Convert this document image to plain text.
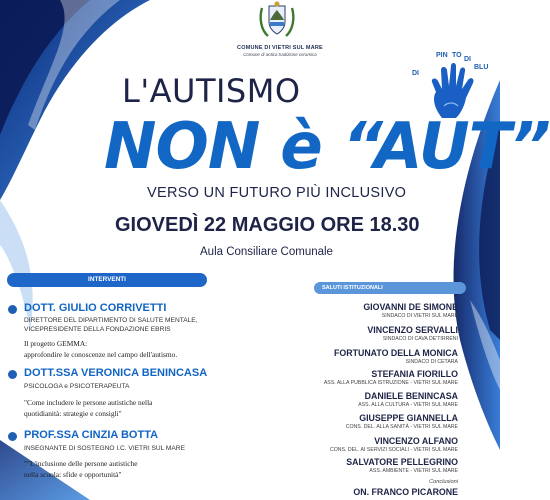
COMUNE DI VIETRI SUL MARE
Comune di antica tradizione ceramica	PIN TO
DI
BLU
DI
L'AUTISMO
NON è “AUT”
VERSO UN FUTURO PIÙ INCLUSIVO
GIOVEDÌ 22 MAGGIO ORE 18.30
Aula Consiliare Comunale
INTERVENTI
DOTT. GIULIO CORRIVETTI
DIRETTORE DEL DIPARTIMENTO DI SALUTE MENTALE,
VICEPRESIDENTE DELLA FONDAZIONE EBRIS
Il progetto GEMMA:
approfondire le conoscenze nel campo dell'autismo.
DOTT.SSA VERONICA BENINCASA
PSICOLOGA e PSICOTERAPEUTA
"Come includere le persone autistiche nella
quotidianità: strategie e consigli"
PROF.SSA CINZIA BOTTA
INSEGNANTE DI SOSTEGNO I.C. VIETRI SUL MARE
""L'inclusione delle persone autistiche
nella scuola: sfide e opportunità"
SALUTI ISTITUZIONALI
GIOVANNI DE SIMONE
SINDACO DI VIETRI SUL MARE
VINCENZO SERVALLI
SINDACO DI CAVA DE'TIRRENI
FORTUNATO DELLA MONICA
SINDACO DI CETARA
STEFANIA FIORILLO
ASS. ALLA PUBBLICA ISTRUZIONE - VIETRI SUL MARE
DANIELE BENINCASA
ASS. ALLA CULTURA - VIETRI SUL MARE
GIUSEPPE GIANNELLA
CONS. DEL. ALLA SANITÀ - VIETRI SUL MARE
VINCENZO ALFANO
CONS. DEL. AI SERVIZI SOCIALI - VIETRI SUL MARE
SALVATORE PELLEGRINO
ASS. AMBIENTE - VIETRI SUL MARE
Conclusioni
ON. FRANCO PICARONE
